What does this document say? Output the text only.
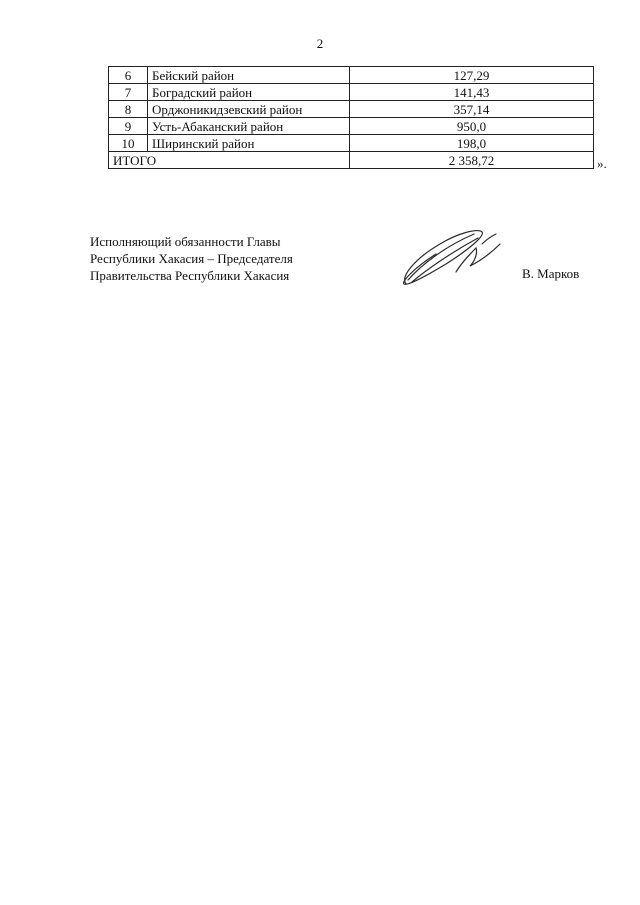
2
6	Бейский район	127,29
7	Боградский район	141,43
8	Орджоникидзевский район	357,14
9	Усть-Абаканский район	950,0
10	Ширинский район	198,0
ИТОГО		2 358,72	».
Исполняющий обязанности Главы
Республики Хакасия – Председателя
Правительства Республики Хакасия	В. Марков
